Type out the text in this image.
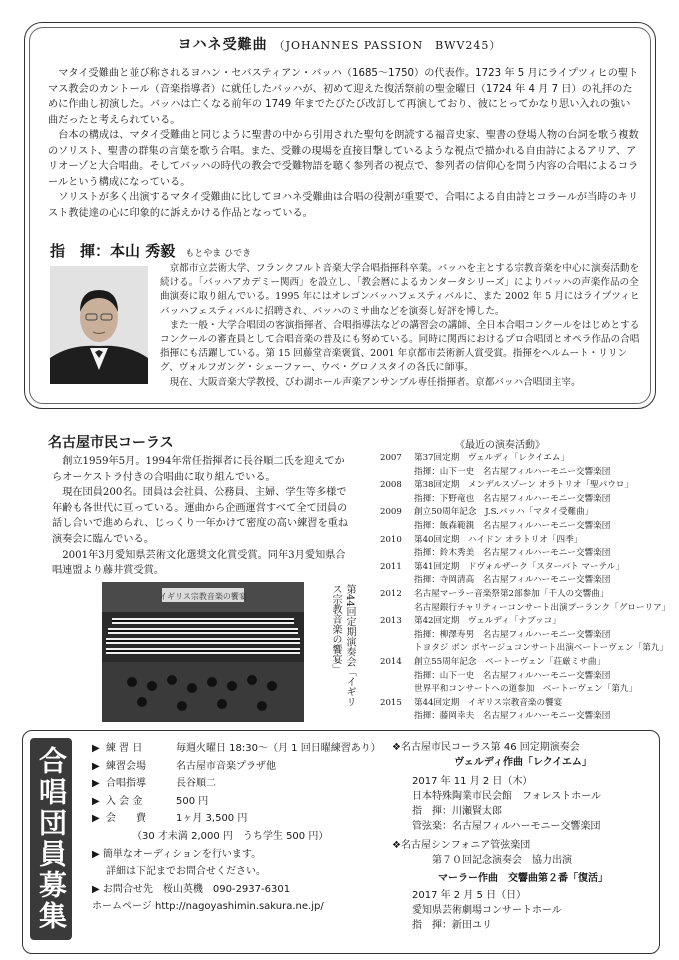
ヨハネ受難曲 （JOHANNES PASSION　BWV245）
マタイ受難曲と並び称されるヨハン・セバスティアン・バッハ（1685～1750）の代表作。1723 年 5 月にライプツィヒの聖トマス教会のカントール（音楽指導者）に就任したバッハが、初めて迎えた復活祭前の聖金曜日（1724 年 4 月 7 日）の礼拝のために作曲し初演した。バッハは亡くなる前年の 1749 年までたびたび改訂して再演しており、彼にとってかなり思い入れの強い曲だったと考えられている。
台本の構成は、マタイ受難曲と同じように聖書の中から引用された聖句を朗読する福音史家、聖書の登場人物の台詞を歌う複数のソリスト、聖書の群集の言葉を歌う合唱。また、受難の現場を直接目撃しているような視点で描かれる自由詩によるアリア、アリオーゾと大合唱曲。そしてバッハの時代の教会で受難物語を聴く参列者の視点で、参列者の信仰心を問う内容の合唱によるコラールという構成になっている。
ソリストが多く出演するマタイ受難曲に比してヨハネ受難曲は合唱の役割が重要で、合唱による自由詩とコラールが当時のキリスト教徒達の心に印象的に訴えかける作品となっている。
指　揮：本山 秀毅 もとやま ひでき
京都市立芸術大学、フランクフルト音楽大学合唱指揮科卒業。バッハを主とする宗教音楽を中心に演奏活動を続ける。「バッハアカデミー関西」を設立し、「教会暦によるカンタータシリーズ」によりバッハの声楽作品の全曲演奏に取り組んでいる。1995 年にはオレゴンバッハフェスティバルに、また 2002 年 5 月にはライプツィヒバッハフェスティバルに招聘され、バッハのミサ曲などを演奏し好評を博した。
また一般・大学合唱団の客演指揮者、合唱指導法などの講習会の講師、全日本合唱コンクールをはじめとするコンクールの審査員として合唱音楽の普及にも努めている。同時に関西におけるプロ合唱団とオペラ作品の合唱指揮にも活躍している。第 15 回藤堂音楽褒賞、2001 年京都市芸術新人賞受賞。指揮をヘルムート・リリング、ヴォルフガング・シェーファー、ウベ・グロノスタイの各氏に師事。
現在、大阪音楽大学教授、びわ湖ホール声楽アンサンブル専任指揮者。京都バッハ合唱団主宰。
名古屋市民コーラス

創立1959年5月。1994年常任指揮者に長谷順二氏を迎えてからオーケストラ付きの合唱曲に取り組んでいる。

現在団員200名。団員は会社員、公務員、主婦、学生等多様で年齢も各世代に亘っている。運曲から企画運営すべて全て団員の話し合いで進められ、じっくり一年かけて密度の高い練習を重ね演奏会に臨んでいる。

2001年3月愛知県芸術文化選奨文化賞受賞。同年3月愛知県合唱連盟より藤井賞受賞。

イギリス宗教音楽の饗宴	第44回定期演奏会「イギリス宗教音楽の饗宴」
《最近の演奏活動》
2007 第37回定期　ヴェルディ「レクイエム」
指揮：山下一史　名古屋フィルハーモニー交響楽団
2008 第38回定期　メンデルスゾーン オラトリオ「聖パウロ」
指揮：下野竜也　名古屋フィルハーモニー交響楽団
2009 創立50周年記念　J.S.バッハ「マタイ受難曲」
指揮：飯森範親　名古屋フィルハーモニー交響楽団
2010 第40回定期　ハイドン オラトリオ「四季」
指揮：鈴木秀美　名古屋フィルハーモニー交響楽団
2011 第41回定期　ドヴォルザーク「スターバト マーテル」
指揮：寺岡清高　名古屋フィルハーモニー交響楽団
2012 名古屋マーラー音楽祭第2部参加「千人の交響曲」
名古屋銀行チャリティーコンサート出演プーランク「グローリア」
2013 第42回定期　ヴェルディ「ナブッコ」
指揮：柳澤寿男　名古屋フィルハーモニー交響楽団
トヨタジ ボン ボヤージュコンサート出演ベートーヴェン「第九」
2014 創立55周年記念　ベートーヴェン「荘厳ミサ曲」
指揮：山下一史　名古屋フィルハーモニー交響楽団
世界平和コンサートへの道参加　ベートーヴェン「第九」
2015 第44回定期　イギリス宗教音楽の饗宴
指揮：藤岡幸夫　名古屋フィルハーモニー交響楽団
合唱団員募集	▶ 練 習 日	毎週火曜日 18:30～（月 1 回日曜練習あり）
▶ 練習会場	名古屋市音楽プラザ他
▶ 合唱指導	長谷順二
▶ 入 会 金	500 円
▶ 会　　費	1ヶ月 3,500 円
（30 才未満 2,000 円　うち学生 500 円）
▶ 簡単なオーディションを行います。
詳細は下記までお問合せください。
▶ お問合せ先　桜山英機　090-2937-6301
ホームページ http://nagoyashimin.sakura.ne.jp/
❖名古屋市民コーラス第 46 回定期演奏会
ヴェルディ作曲「レクイエム」
2017 年 11 月 2 日（木）
日本特殊陶業市民会館　フォレストホール
指　揮：川瀬賢太郎
管弦楽：名古屋フィルハーモニー交響楽団
❖名古屋シンフォニア管弦楽団
第７０回記念演奏会　協力出演
マーラー作曲　交響曲第２番「復活」
2017 年 2 月 5 日（日）
愛知県芸術劇場コンサートホール
指　揮：新田ユリ
